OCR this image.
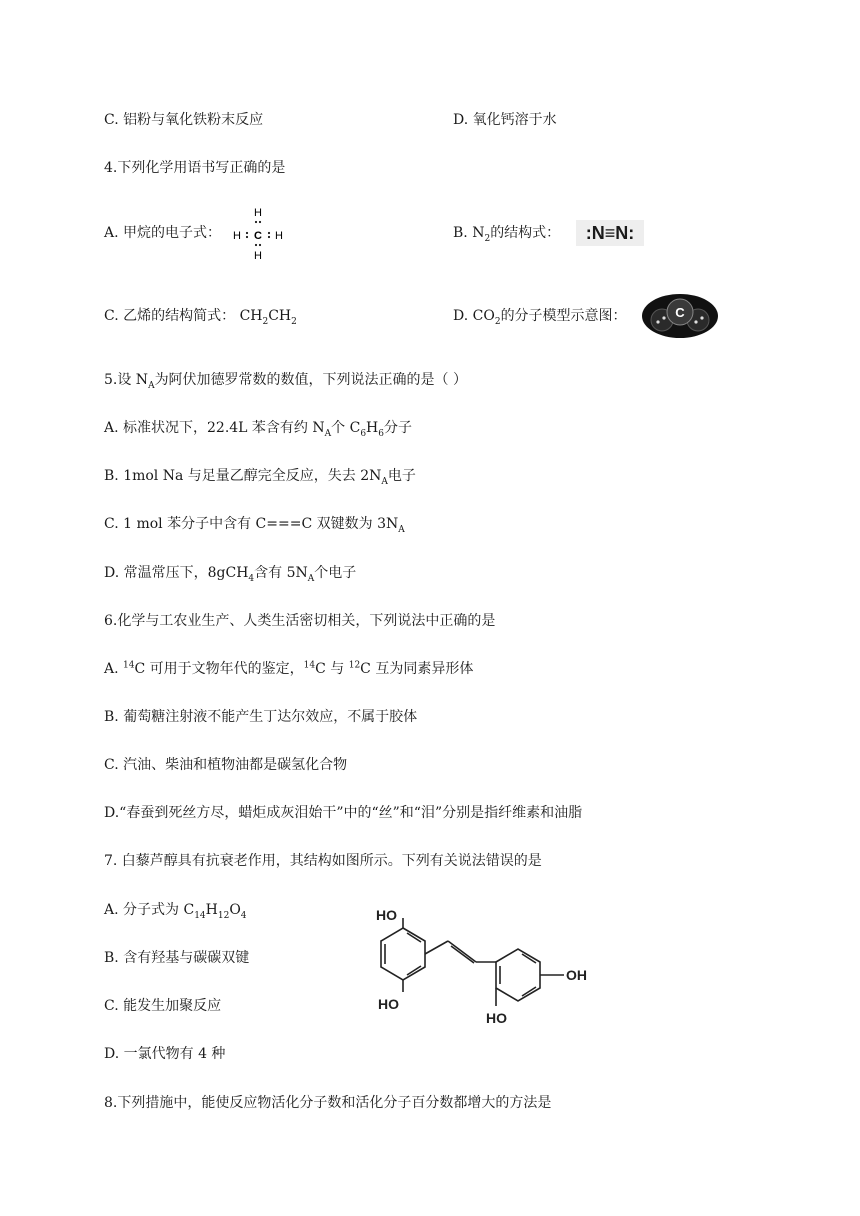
C. 铝粉与氧化铁粉末反应	D. 氧化钙溶于水
4.下列化学用语书写正确的是
A. 甲烷的电子式：
H
H C H
H
B. $N_2$的结构式：	:N≡N:
C. 乙烯的结构简式： $CH_2CH_2$	D. $CO_2$的分子模型示意图：	C
5.设 $N_A$为阿伏加德罗常数的数值，下列说法正确的是（ ）
A. 标准状况下，22.4L 苯含有约 $N_A$个 $C_6H_6$分子
B. 1mol Na 与足量乙醇完全反应，失去 $2N_A$电子
C. 1 mol 苯分子中含有 C===C 双键数为 $3N_A$
D. 常温常压下，8gCH$_4$含有 $5N_A$个电子
6.化学与工农业生产、人类生活密切相关，下列说法中正确的是
A. $^{14}$C 可用于文物年代的鉴定，$^{14}$C 与 $^{12}$C 互为同素异形体
B. 葡萄糖注射液不能产生丁达尔效应，不属于胶体
C. 汽油、柴油和植物油都是碳氢化合物
D.“春蚕到死丝方尽，蜡炬成灰泪始干”中的“丝”和“泪”分别是指纤维素和油脂
7. 白藜芦醇具有抗衰老作用，其结构如图所示。下列有关说法错误的是
A. 分子式为 $C_{14}H_{12}O_4$
B. 含有羟基与碳碳双键
C. 能发生加聚反应
D. 一氯代物有 4 种
HO
HO
OH
HO
8.下列措施中，能使反应物活化分子数和活化分子百分数都增大的方法是
